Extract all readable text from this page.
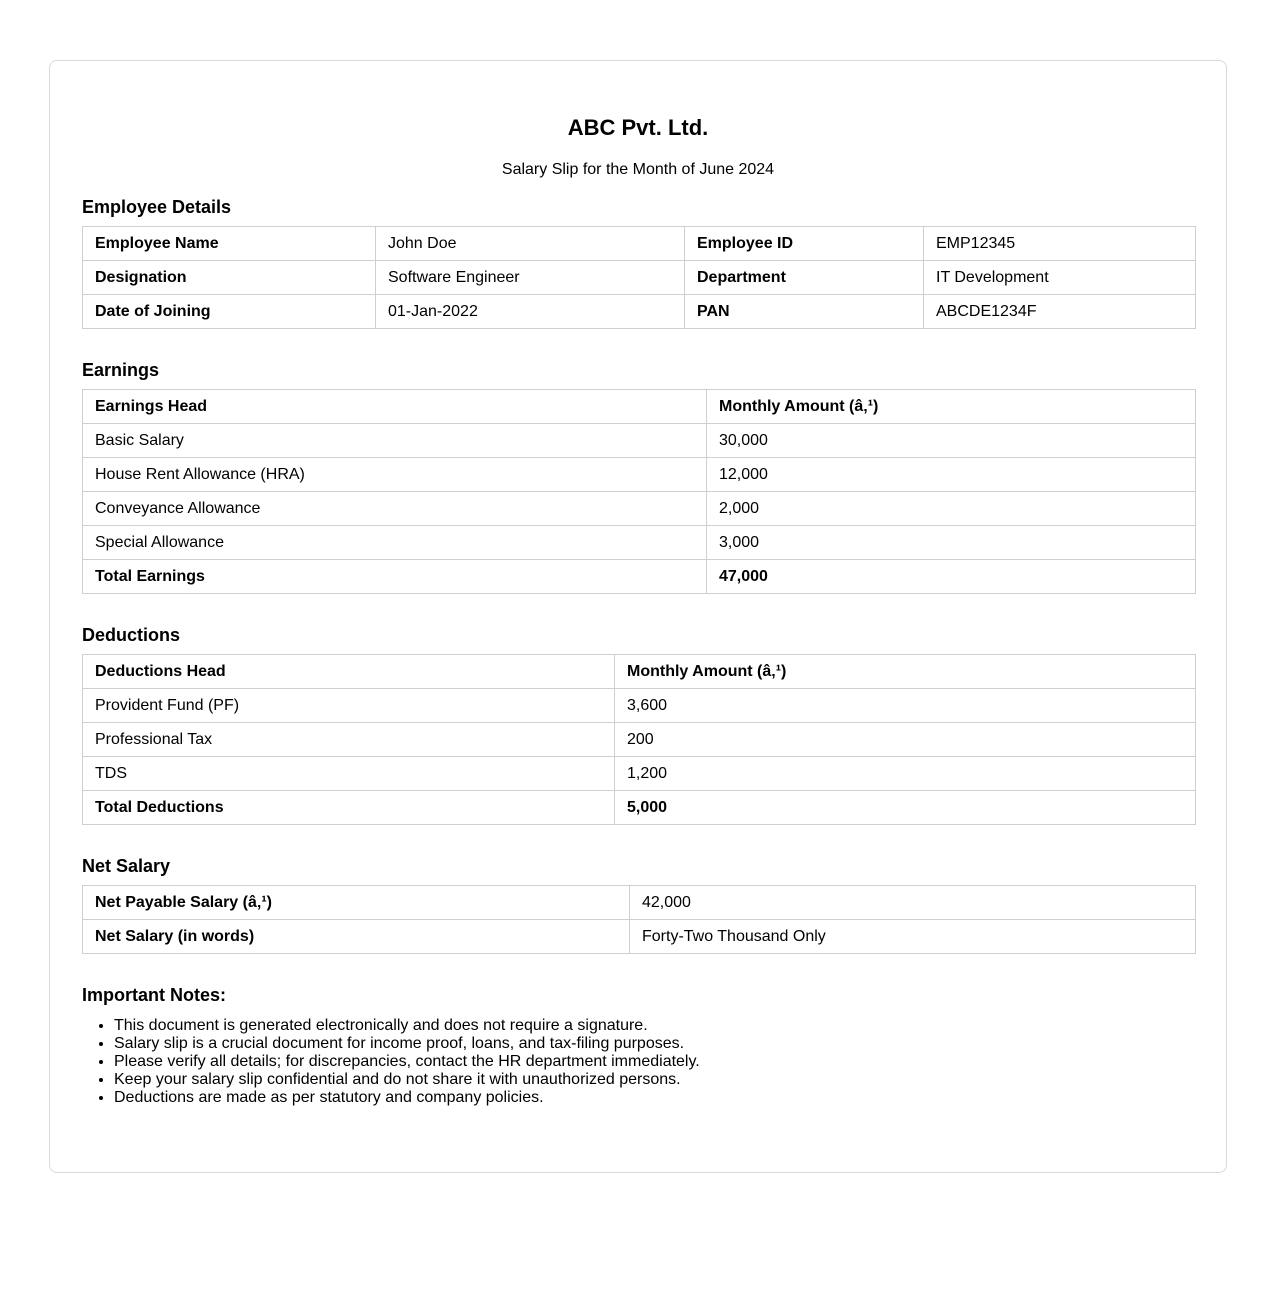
ABC Pvt. Ltd.

Salary Slip for the Month of June 2024

Employee Details
Employee Name	John Doe	Employee ID	EMP12345
Designation	Software Engineer	Department	IT Development
Date of Joining	01-Jan-2022	PAN	ABCDE1234F
Earnings
Earnings Head	Monthly Amount (â‚¹)
Basic Salary	30,000
House Rent Allowance (HRA)	12,000
Conveyance Allowance	2,000
Special Allowance	3,000
Total Earnings	47,000
Deductions
Deductions Head	Monthly Amount (â‚¹)
Provident Fund (PF)	3,600
Professional Tax	200
TDS	1,200
Total Deductions	5,000
Net Salary
Net Payable Salary (â‚¹)	42,000
Net Salary (in words)	Forty-Two Thousand Only
Important Notes:
• This document is generated electronically and does not require a signature.
• Salary slip is a crucial document for income proof, loans, and tax-filing purposes.
• Please verify all details; for discrepancies, contact the HR department immediately.
• Keep your salary slip confidential and do not share it with unauthorized persons.
• Deductions are made as per statutory and company policies.
